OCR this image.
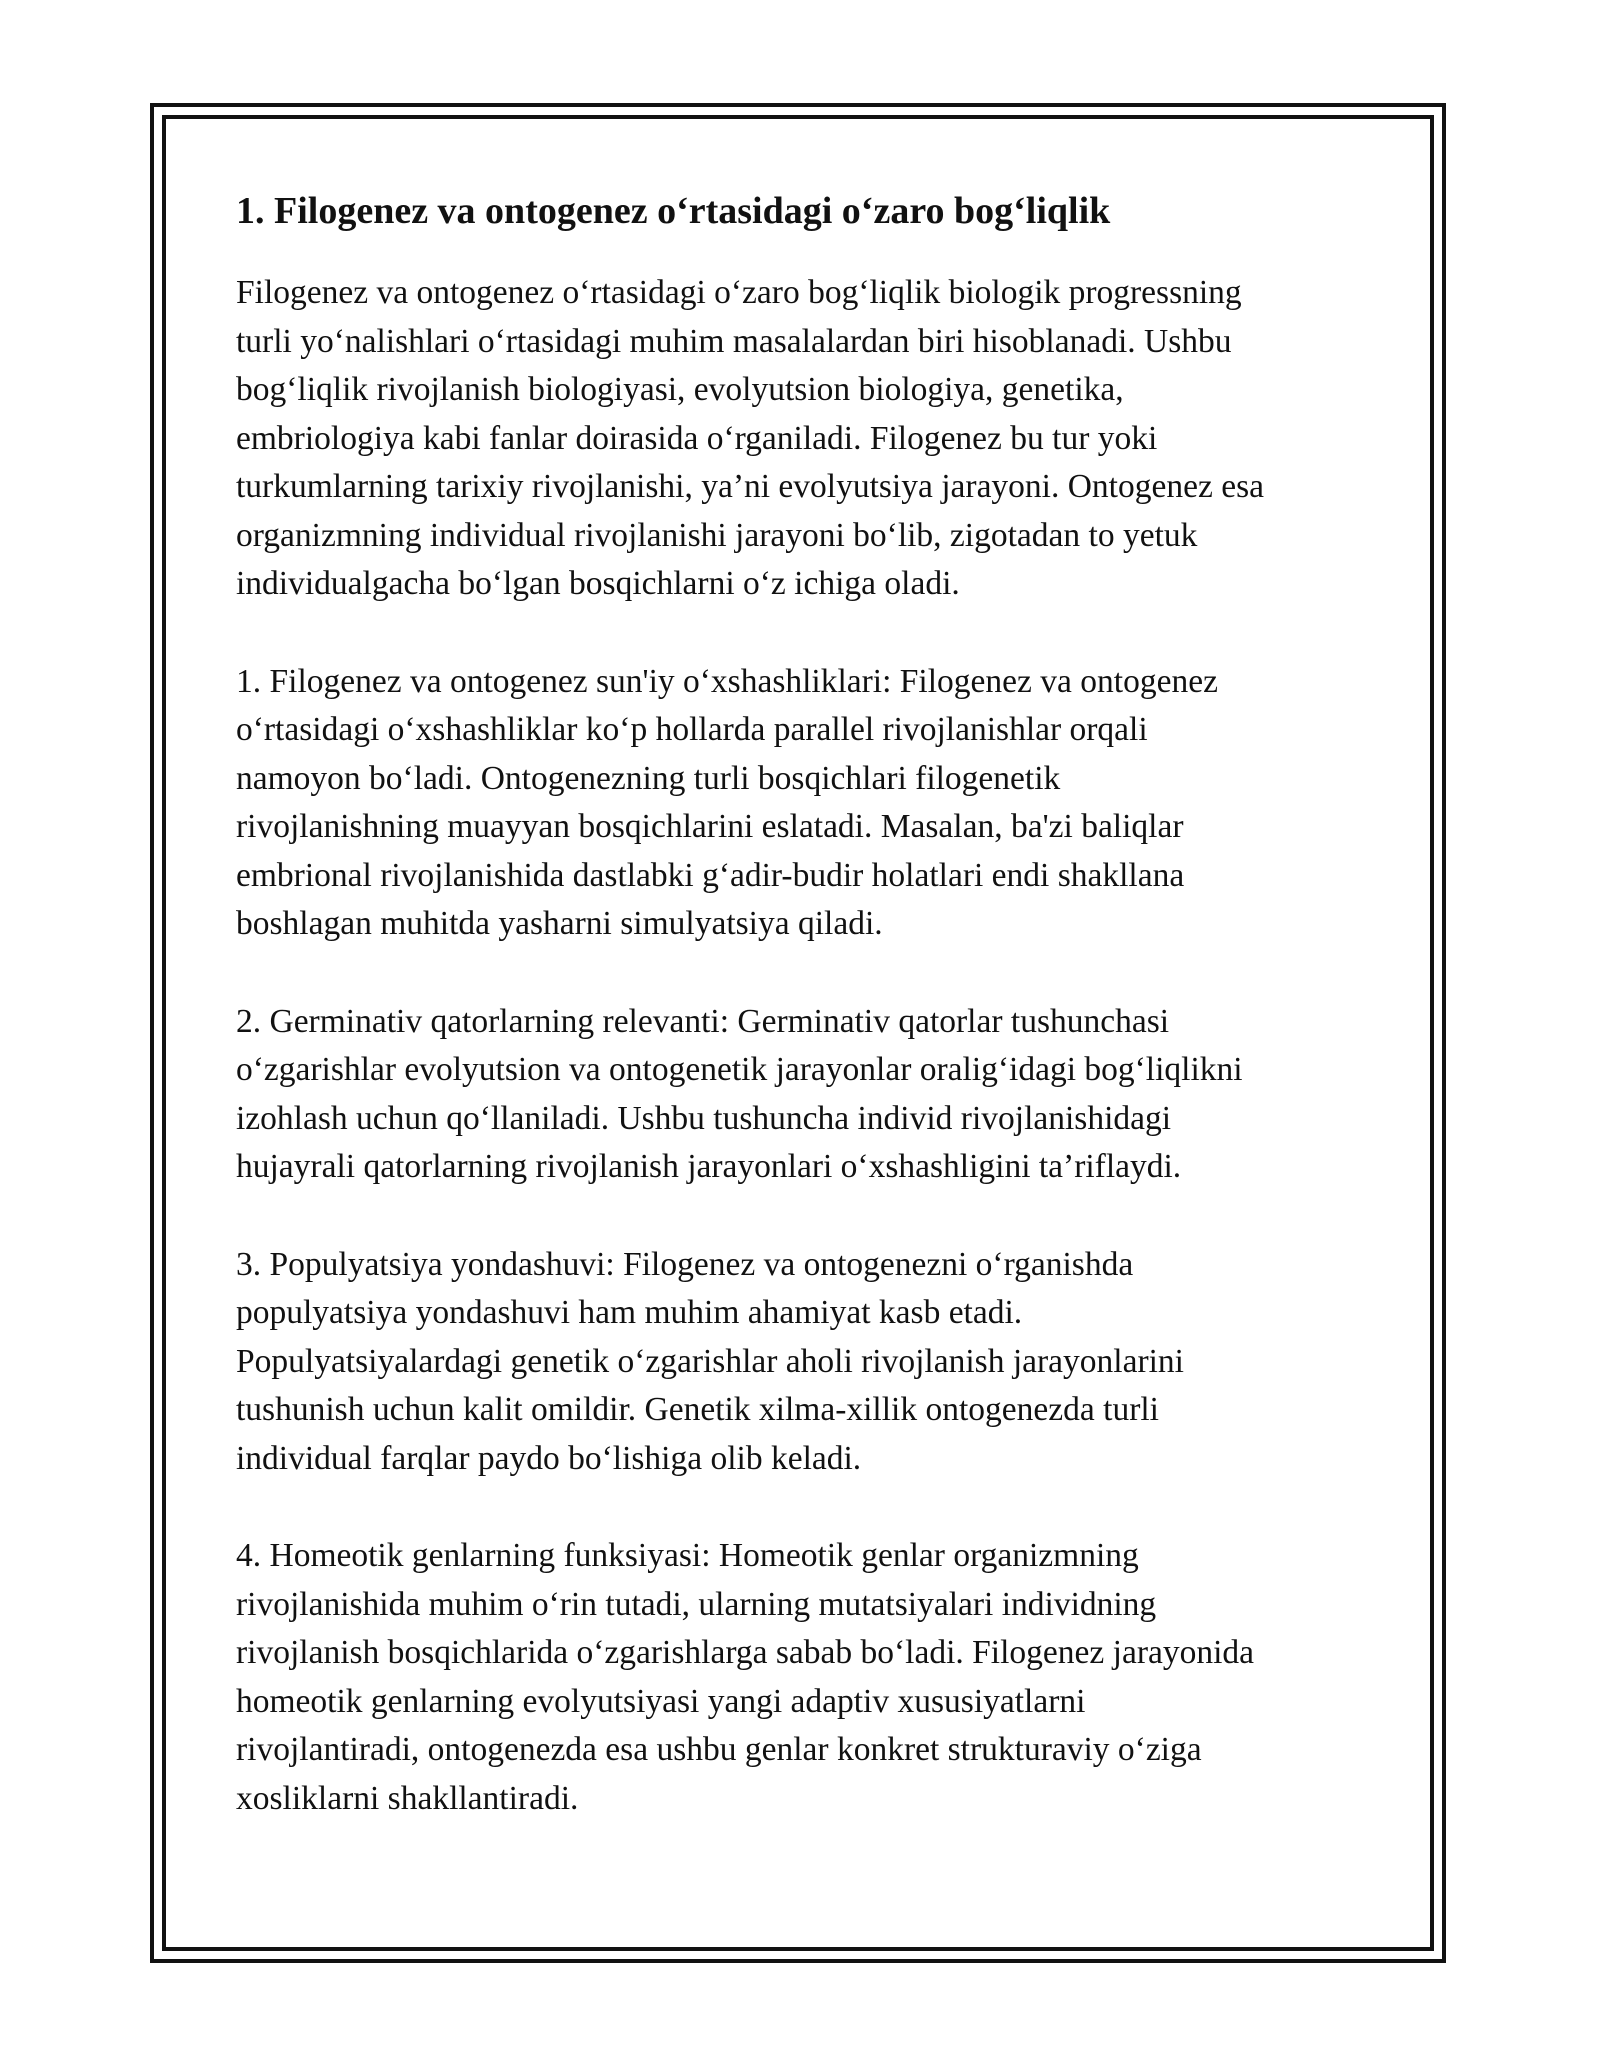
1. Filogenez va ontogenez o‘rtasidagi o‘zaro bog‘liqlik

Filogenez va ontogenez o‘rtasidagi o‘zaro bog‘liqlik biologik progressning
turli yo‘nalishlari o‘rtasidagi muhim masalalardan biri hisoblanadi. Ushbu
bog‘liqlik rivojlanish biologiyasi, evolyutsion biologiya, genetika,
embriologiya kabi fanlar doirasida o‘rganiladi. Filogenez bu tur yoki
turkumlarning tarixiy rivojlanishi, ya’ni evolyutsiya jarayoni. Ontogenez esa
organizmning individual rivojlanishi jarayoni bo‘lib, zigotadan to yetuk
individualgacha bo‘lgan bosqichlarni o‘z ichiga oladi.

1. Filogenez va ontogenez sun'iy o‘xshashliklari: Filogenez va ontogenez
o‘rtasidagi o‘xshashliklar ko‘p hollarda parallel rivojlanishlar orqali
namoyon bo‘ladi. Ontogenezning turli bosqichlari filogenetik
rivojlanishning muayyan bosqichlarini eslatadi. Masalan, ba'zi baliqlar
embrional rivojlanishida dastlabki g‘adir-budir holatlari endi shakllana
boshlagan muhitda yasharni simulyatsiya qiladi.

2. Germinativ qatorlarning relevanti: Germinativ qatorlar tushunchasi
o‘zgarishlar evolyutsion va ontogenetik jarayonlar oralig‘idagi bog‘liqlikni
izohlash uchun qo‘llaniladi. Ushbu tushuncha individ rivojlanishidagi
hujayrali qatorlarning rivojlanish jarayonlari o‘xshashligini ta’riflaydi.

3. Populyatsiya yondashuvi: Filogenez va ontogenezni o‘rganishda
populyatsiya yondashuvi ham muhim ahamiyat kasb etadi.
Populyatsiyalardagi genetik o‘zgarishlar aholi rivojlanish jarayonlarini
tushunish uchun kalit omildir. Genetik xilma-xillik ontogenezda turli
individual farqlar paydo bo‘lishiga olib keladi.

4. Homeotik genlarning funksiyasi: Homeotik genlar organizmning
rivojlanishida muhim o‘rin tutadi, ularning mutatsiyalari individning
rivojlanish bosqichlarida o‘zgarishlarga sabab bo‘ladi. Filogenez jarayonida
homeotik genlarning evolyutsiyasi yangi adaptiv xususiyatlarni
rivojlantiradi, ontogenezda esa ushbu genlar konkret strukturaviy o‘ziga
xosliklarni shakllantiradi.
